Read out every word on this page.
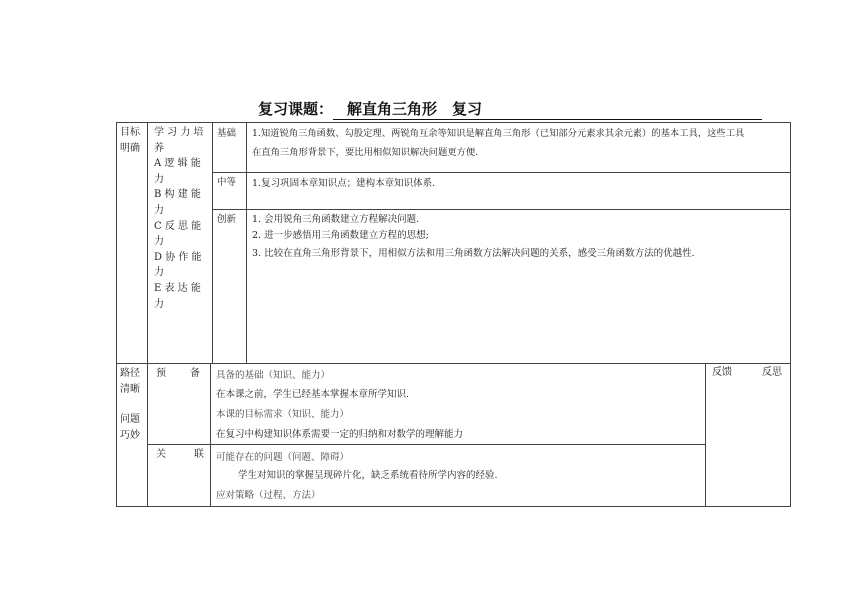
复习课题： 解直角三角形　复习
目标
明确
学 习 力 培
养
A 逻 辑 能
力
B 构 建 能
力
C 反 思 能
力
D 协 作 能
力
E 表 达 能
力
基础 1.知道锐角三角函数、勾股定理、两锐角互余等知识是解直角三角形（已知部分元素求其余元素）的基本工具，这些工具
在直角三角形背景下，要比用相似知识解决问题更方便.
中等 1.复习巩固本章知识点；建构本章知识体系.
创新 1. 会用锐角三角函数建立方程解决问题.
2. 进一步感悟用三角函数建立方程的思想;
3. 比较在直角三角形背景下，用相似方法和用三角函数方法解决问题的关系，感受三角函数方法的优越性.
路径
清晰
问题
巧妙
预 备 具备的基础（知识、能力）
在本课之前，学生已经基本掌握本章所学知识.
本课的目标需求（知识、能力）
在复习中构建知识体系需要一定的归纳和对数学的理解能力
关	联 可能存在的问题（问题、障碍）
学生对知识的掌握呈现碎片化，缺乏系统看待所学内容的经验.
应对策略（过程、方法）
反馈	反思
